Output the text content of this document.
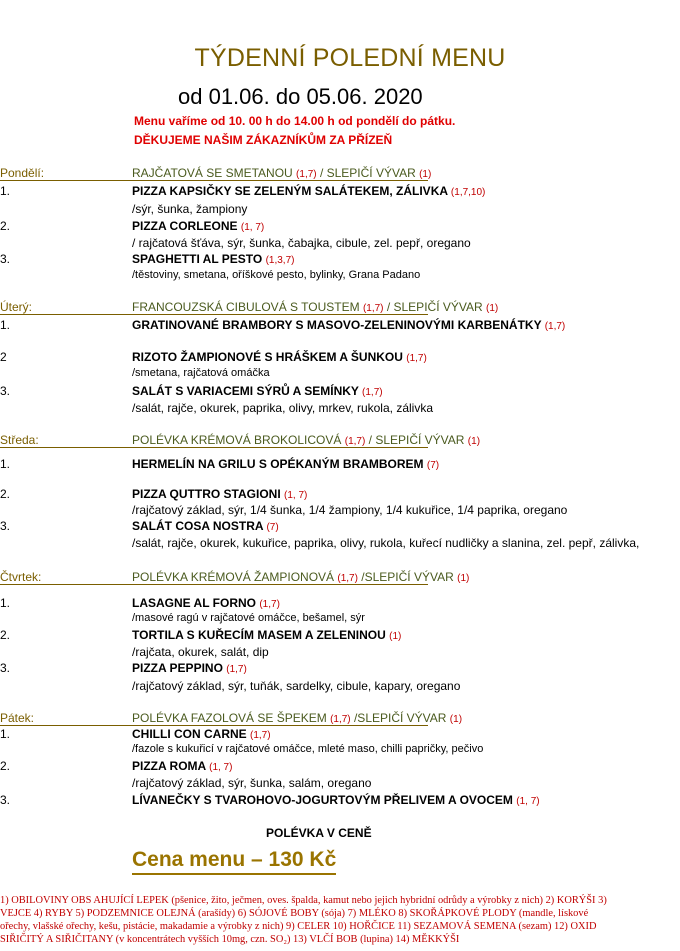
TÝDENNÍ POLEDNÍ MENU
od 01.06. do 05.06. 2020
Menu vaříme od 10. 00 h do 14.00 h od pondělí do pátku.
DĚKUJEME NAŠIM ZÁKAZNÍKŮM ZA PŘÍZEŇ
Pondělí:	RAJČATOVÁ SE SMETANOU (1,7) / SLEPIČÍ VÝVAR (1)
1.	PIZZA KAPSIČKY SE ZELENÝM SALÁTEKEM, ZÁLIVKA (1,7,10)
/sýr, šunka, žampiony
2.	PIZZA CORLEONE (1, 7)
/ rajčatová šťáva, sýr, šunka, čabajka, cibule, zel. pepř, oregano
3.	SPAGHETTI AL PESTO (1,3,7)
/těstoviny, smetana, oříškové pesto, bylinky, Grana Padano
Úterý:	FRANCOUZSKÁ CIBULOVÁ S TOUSTEM (1,7) / SLEPIČÍ VÝVAR (1)
1.	GRATINOVANÉ BRAMBORY S MASOVO-ZELENINOVÝMI KARBENÁTKY (1,7)
2	RIZOTO ŽAMPIONOVÉ S HRÁŠKEM A ŠUNKOU (1,7)
/smetana, rajčatová omáčka
3.	SALÁT S VARIACEMI SÝRŮ A SEMÍNKY (1,7)
/salát, rajče, okurek, paprika, olivy, mrkev, rukola, zálivka
Středa:	POLÉVKA KRÉMOVÁ BROKOLICOVÁ (1,7) / SLEPIČÍ VÝVAR (1)
1.	HERMELÍN NA GRILU S OPÉKANÝM BRAMBOREM (7)
2.	PIZZA QUTTRO STAGIONI (1, 7)
/rajčatový základ, sýr, 1/4 šunka, 1/4 žampiony, 1/4 kukuřice, 1/4 paprika, oregano
3.	SALÁT COSA NOSTRA (7)
/salát, rajče, okurek, kukuřice, paprika, olivy, rukola, kuřecí nudličky a slanina, zel. pepř, zálivka,
Čtvrtek:	POLÉVKA KRÉMOVÁ ŽAMPIONOVÁ (1,7) /SLEPIČÍ VÝVAR (1)
1.	LASAGNE AL FORNO (1,7)
/masové ragú v rajčatové omáčce, bešamel, sýr
2.	TORTILA S KUŘECÍM MASEM A ZELENINOU (1)
/rajčata, okurek, salát, dip
3.	PIZZA PEPPINO (1,7)
/rajčatový základ, sýr, tuňák, sardelky, cibule, kapary, oregano
Pátek:	POLÉVKA FAZOLOVÁ SE ŠPEKEM (1,7) /SLEPIČÍ VÝVAR (1)
1.	CHILLI CON CARNE (1,7)
/fazole s kukuřicí v rajčatové omáčce, mleté maso, chilli papričky, pečivo
2.	PIZZA ROMA (1, 7)
/rajčatový základ, sýr, šunka, salám, oregano
3.	LÍVANEČKY S TVAROHOVO-JOGURTOVÝM PŘELIVEM A OVOCEM (1, 7)
POLÉVKA V CENĚ
Cena menu – 130 Kč
1) OBILOVINY OBS AHUJÍCÍ LEPEK (pšenice, žito, ječmen, oves. špalda, kamut nebo jejich hybridní odrůdy a výrobky z nich) 2) KORÝŠI 3)
VEJCE 4) RYBY 5) PODZEMNICE OLEJNÁ (arašídy) 6) SÓJOVÉ BOBY (sója) 7) MLÉKO 8) SKOŘÁPKOVÉ PLODY (mandle, lískové
ořechy, vlašské ořechy, kešu, pistácie, makadamie a výrobky z nich) 9) CELER 10) HOŘČICE 11) SEZAMOVÁ SEMENA (sezam) 12) OXID
SIŘIČITÝ A SIŘIČITANY (v koncentrátech vyšších 10mg, czn. SO₂) 13) VLČÍ BOB (lupina) 14) MĚKKÝŠI
